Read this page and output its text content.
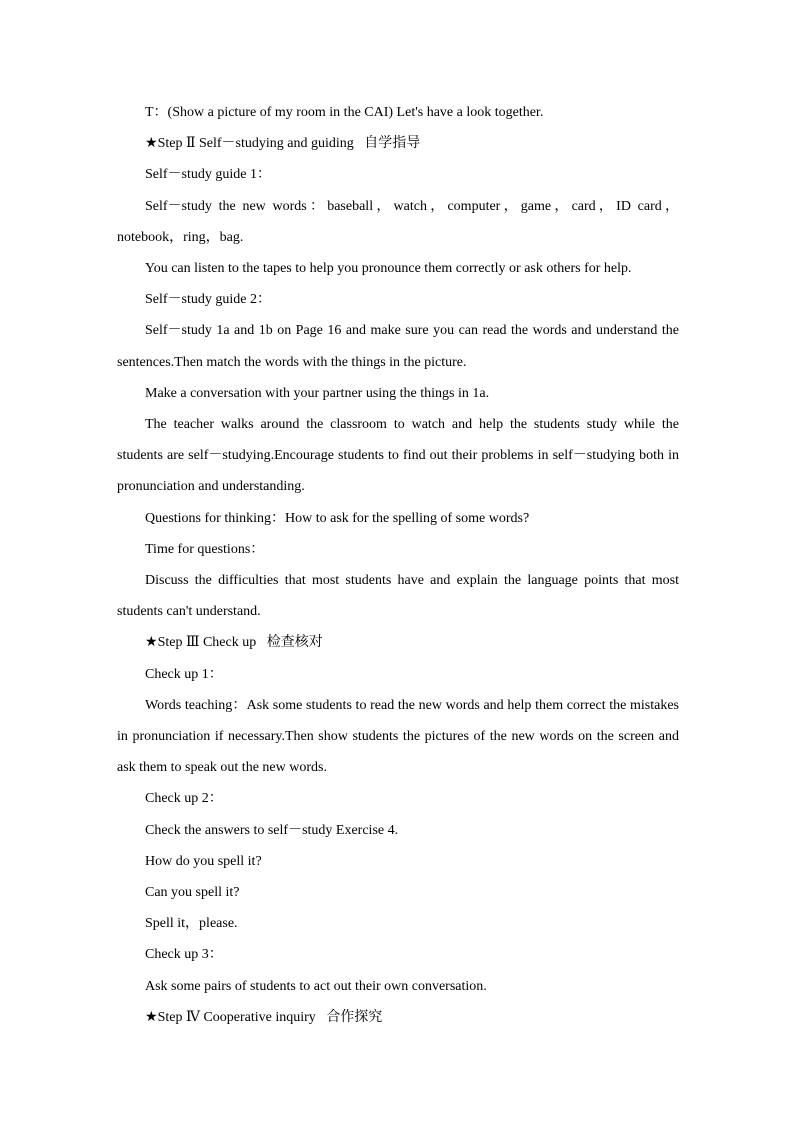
T：(Show a picture of my room in the CAI) Let's have a look together.

★Step Ⅱ Self－studying and guiding 自学指导

Self－study guide 1：

Self－study the new words：baseball，watch，computer，game，card，ID card，notebook，ring，bag.

You can listen to the tapes to help you pronounce them correctly or ask others for help.

Self－study guide 2：

Self－study 1a and 1b on Page 16 and make sure you can read the words and understand the sentences.Then match the words with the things in the picture.

Make a conversation with your partner using the things in 1a.

The teacher walks around the classroom to watch and help the students study while the students are self－studying.Encourage students to find out their problems in self－studying both in pronunciation and understanding.

Questions for thinking：How to ask for the spelling of some words?

Time for questions：

Discuss the difficulties that most students have and explain the language points that most students can't understand.

★Step Ⅲ Check up 检查核对

Check up 1：

Words teaching：Ask some students to read the new words and help them correct the mistakes in pronunciation if necessary.Then show students the pictures of the new words on the screen and ask them to speak out the new words.

Check up 2：

Check the answers to self－study Exercise 4.

How do you spell it?

Can you spell it?

Spell it，please.

Check up 3：

Ask some pairs of students to act out their own conversation.

★Step Ⅳ Cooperative inquiry 合作探究
